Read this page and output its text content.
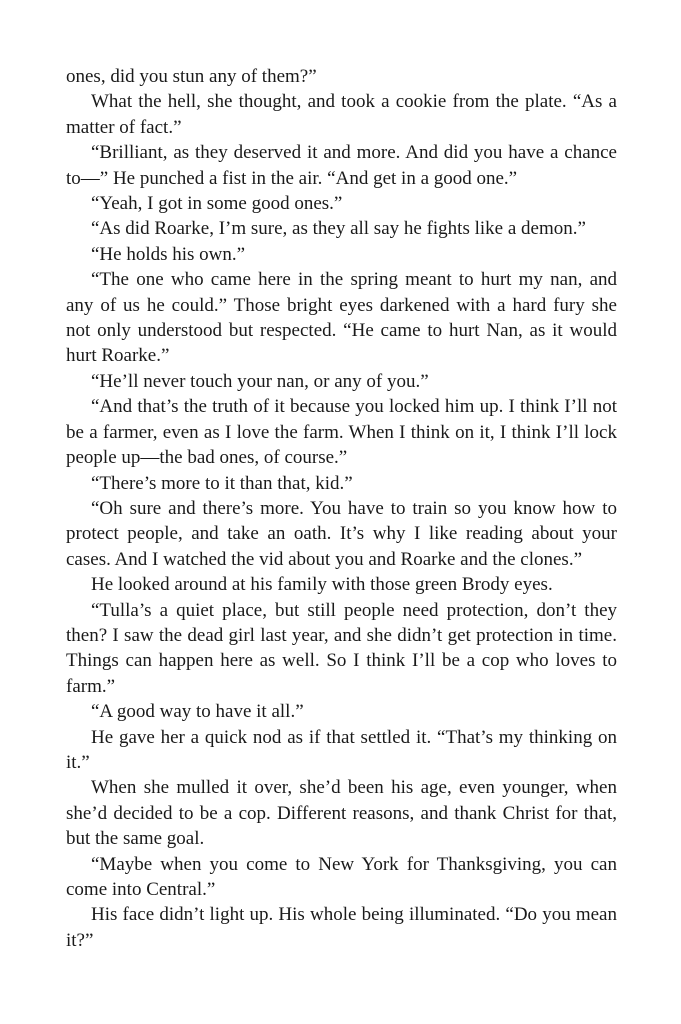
ones, did you stun any of them?”

What the hell, she thought, and took a cookie from the plate. “As a matter of fact.”

“Brilliant, as they deserved it and more. And did you have a chance to—” He punched a fist in the air. “And get in a good one.”

“Yeah, I got in some good ones.”

“As did Roarke, I’m sure, as they all say he fights like a demon.”

“He holds his own.”

“The one who came here in the spring meant to hurt my nan, and any of us he could.” Those bright eyes darkened with a hard fury she not only understood but respected. “He came to hurt Nan, as it would hurt Roarke.”

“He’ll never touch your nan, or any of you.”

“And that’s the truth of it because you locked him up. I think I’ll not be a farmer, even as I love the farm. When I think on it, I think I’ll lock people up—the bad ones, of course.”

“There’s more to it than that, kid.”

“Oh sure and there’s more. You have to train so you know how to protect people, and take an oath. It’s why I like reading about your cases. And I watched the vid about you and Roarke and the clones.”

He looked around at his family with those green Brody eyes.

“Tulla’s a quiet place, but still people need protection, don’t they then? I saw the dead girl last year, and she didn’t get protection in time. Things can happen here as well. So I think I’ll be a cop who loves to farm.”

“A good way to have it all.”

He gave her a quick nod as if that settled it. “That’s my thinking on it.”

When she mulled it over, she’d been his age, even younger, when she’d decided to be a cop. Different reasons, and thank Christ for that, but the same goal.

“Maybe when you come to New York for Thanksgiving, you can come into Central.”

His face didn’t light up. His whole being illuminated. “Do you mean it?”
